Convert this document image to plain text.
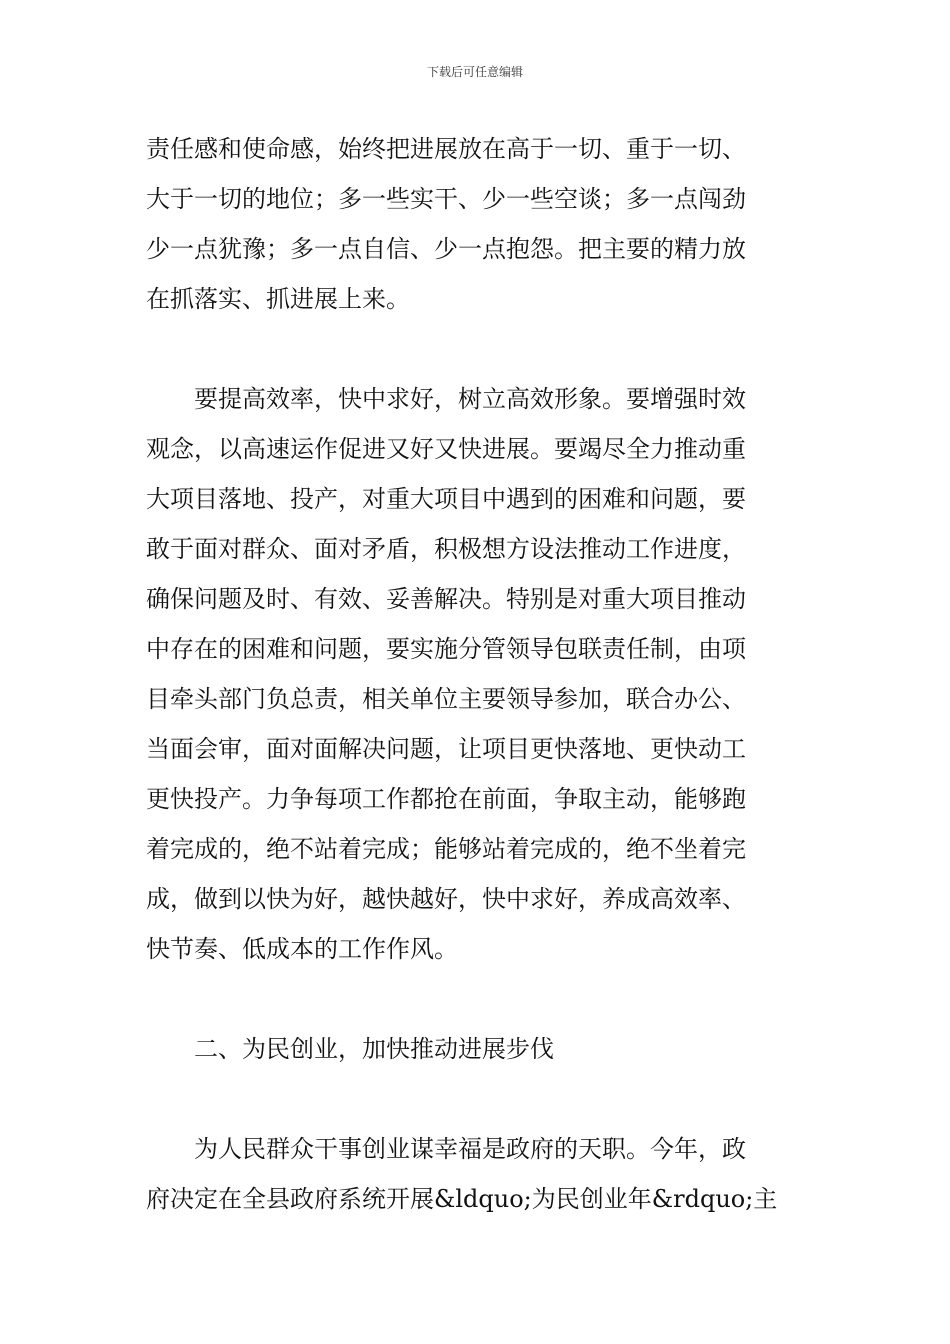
下载后可任意编辑
责任感和使命感，始终把进展放在高于一切、重于一切、
大于一切的地位；多一些实干、少一些空谈；多一点闯劲
少一点犹豫；多一点自信、少一点抱怨。把主要的精力放
在抓落实、抓进展上来。
要提高效率，快中求好，树立高效形象。要增强时效
观念，以高速运作促进又好又快进展。要竭尽全力推动重
大项目落地、投产，对重大项目中遇到的困难和问题，要
敢于面对群众、面对矛盾，积极想方设法推动工作进度，
确保问题及时、有效、妥善解决。特别是对重大项目推动
中存在的困难和问题，要实施分管领导包联责任制，由项
目牵头部门负总责，相关单位主要领导参加，联合办公、
当面会审，面对面解决问题，让项目更快落地、更快动工
更快投产。力争每项工作都抢在前面，争取主动，能够跑
着完成的，绝不站着完成；能够站着完成的，绝不坐着完
成，做到以快为好，越快越好，快中求好，养成高效率、
快节奏、低成本的工作作风。
二、为民创业，加快推动进展步伐
为人民群众干事创业谋幸福是政府的天职。今年，政
府决定在全县政府系统开展&ldquo;为民创业年&rdquo;主
